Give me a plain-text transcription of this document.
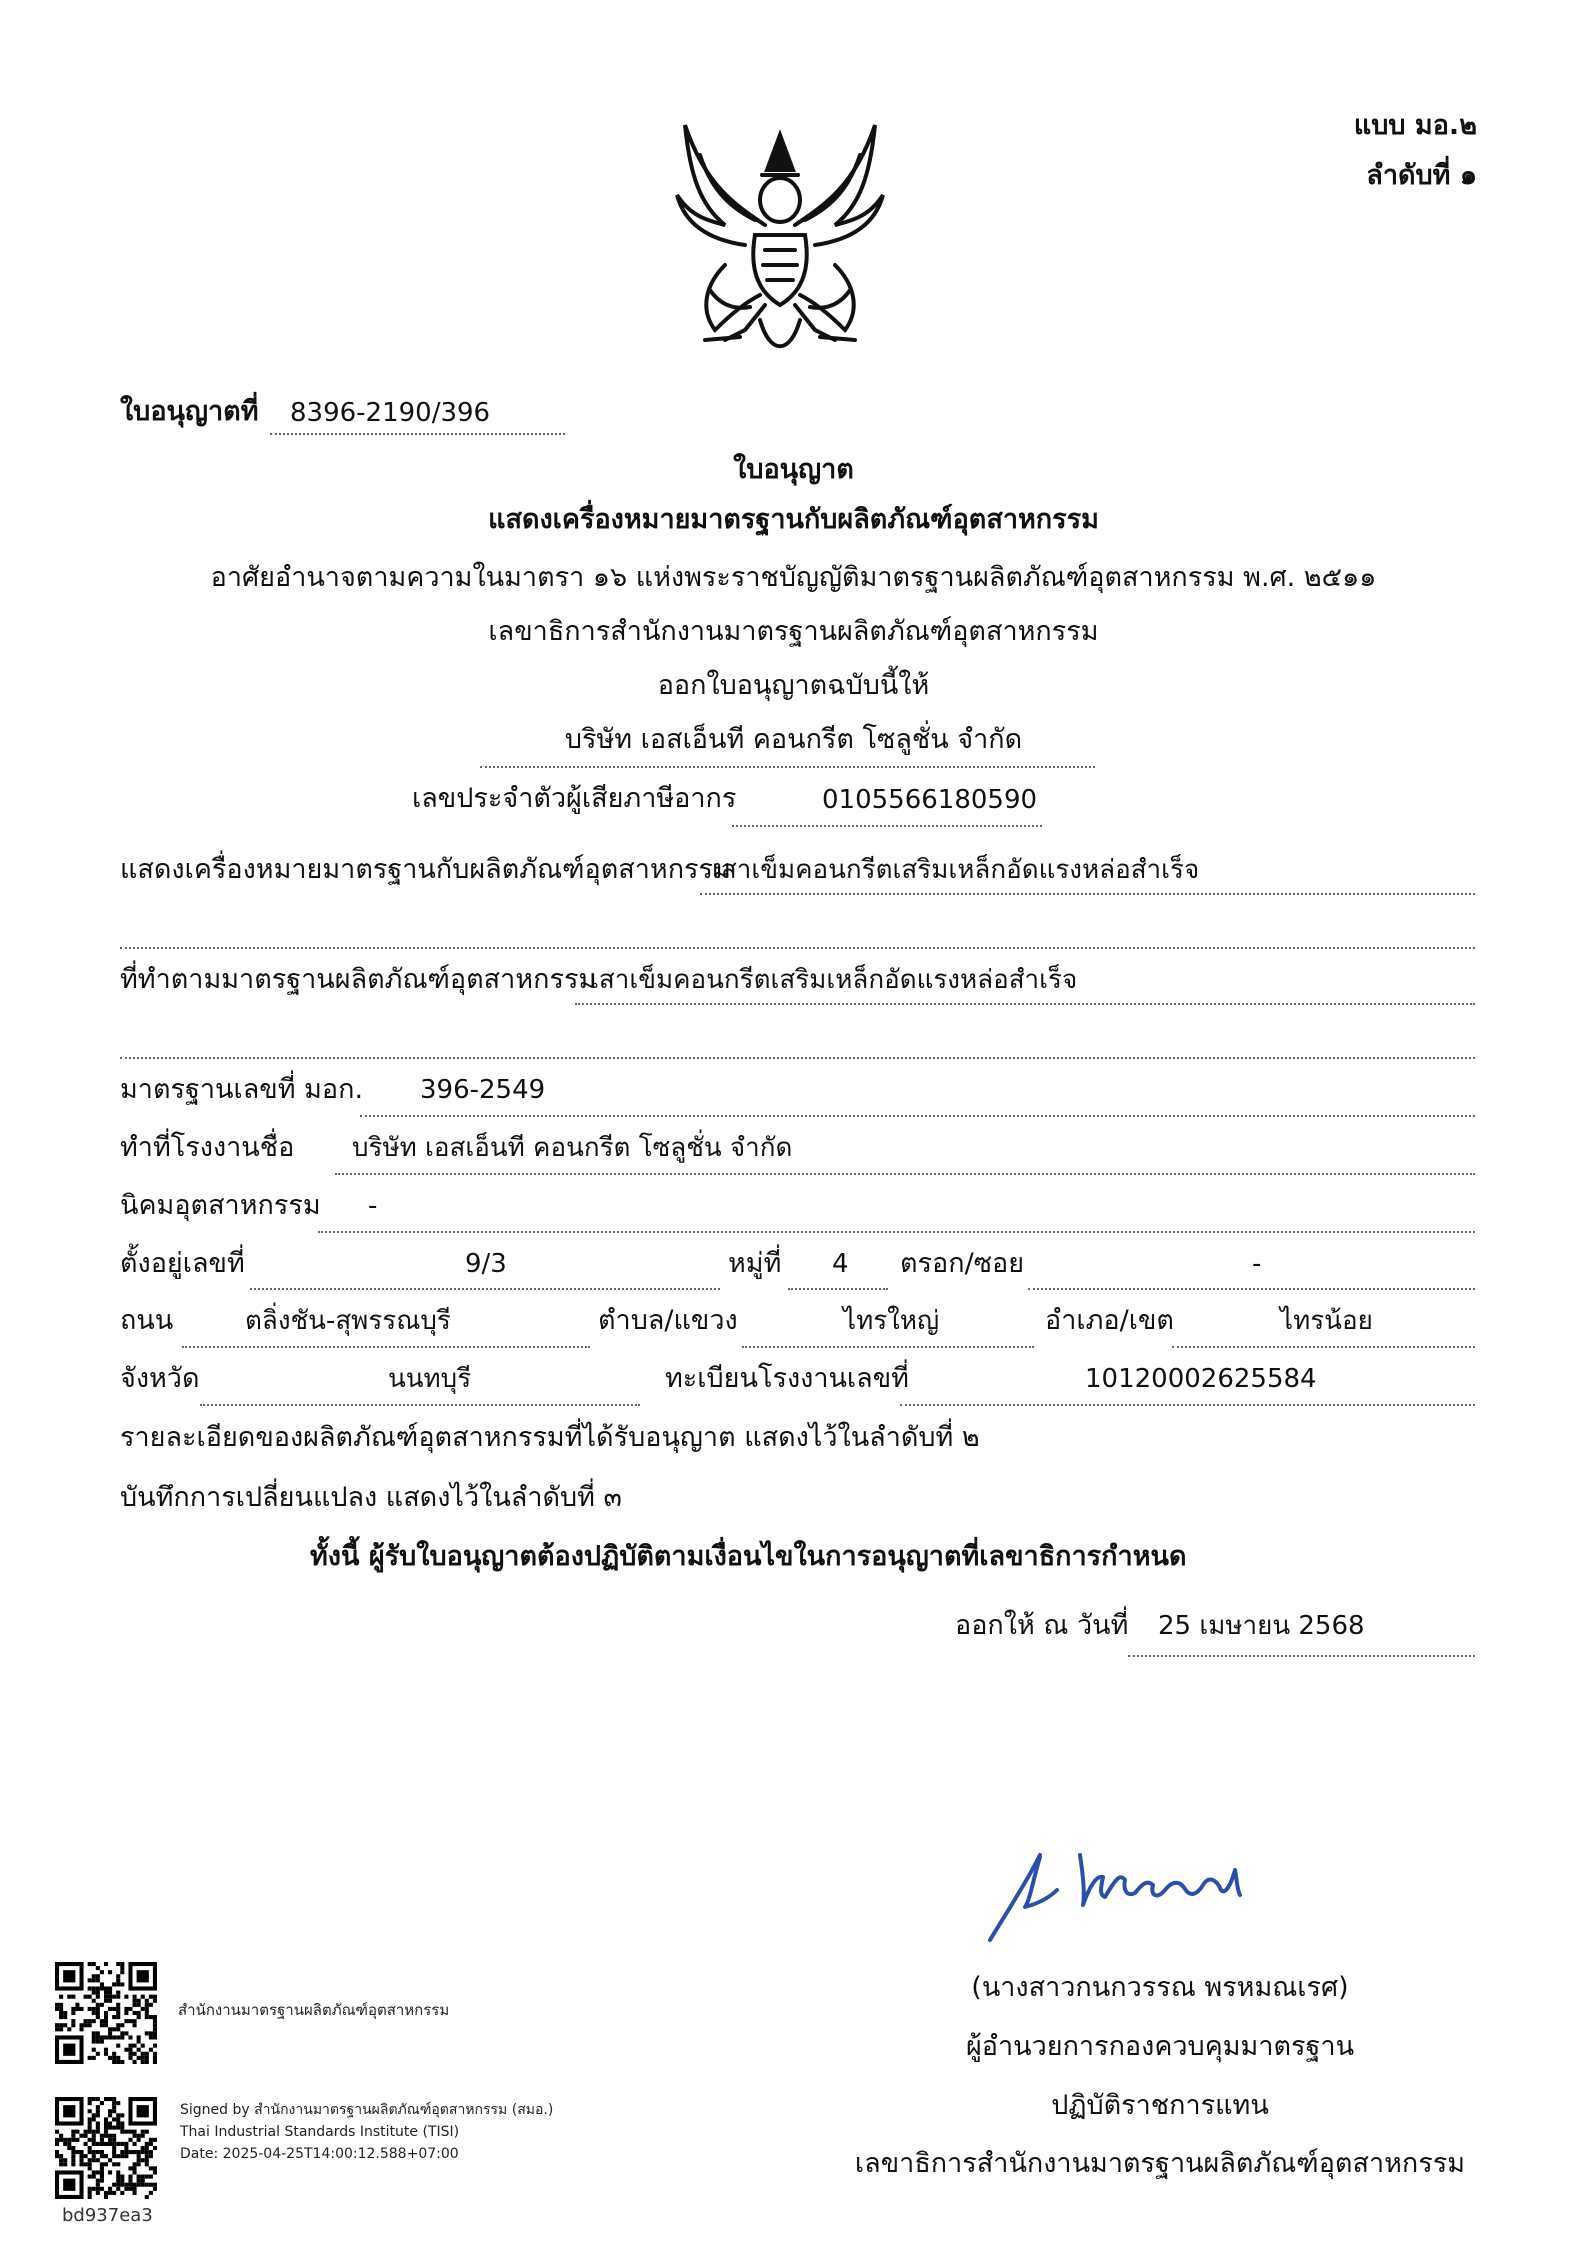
แบบ มอ.๒
ลำดับที่ ๑
ใบอนุญาตที่ 8396-2190/396
ใบอนุญาต
แสดงเครื่องหมายมาตรฐานกับผลิตภัณฑ์อุตสาหกรรม
อาศัยอำนาจตามความในมาตรา ๑๖ แห่งพระราชบัญญัติมาตรฐานผลิตภัณฑ์อุตสาหกรรม พ.ศ. ๒๕๑๑
เลขาธิการสำนักงานมาตรฐานผลิตภัณฑ์อุตสาหกรรม
ออกใบอนุญาตฉบับนี้ให้
บริษัท เอสเอ็นที คอนกรีต โซลูชั่น จำกัด
เลขประจำตัวผู้เสียภาษีอากร	0105566180590
แสดงเครื่องหมายมาตรฐานกับผลิตภัณฑ์อุตสาหกรรม
เสาเข็มคอนกรีตเสริมเหล็กอัดแรงหล่อสำเร็จ
ที่ทำตามมาตรฐานผลิตภัณฑ์อุตสาหกรรม
เสาเข็มคอนกรีตเสริมเหล็กอัดแรงหล่อสำเร็จ
มาตรฐานเลขที่ มอก. 396-2549
ทำที่โรงงานชื่อ บริษัท เอสเอ็นที คอนกรีต โซลูชั่น จำกัด
นิคมอุตสาหกรรม -
ตั้งอยู่เลขที่	9/3	หมู่ที่ 4 ตรอก/ซอย	-
ถนน	ตลิ่งชัน-สุพรรณบุรี	ตำบล/แขวง	ไทรใหญ่	อำเภอ/เขต	ไทรน้อย
จังหวัด	นนทบุรี	ทะเบียนโรงงานเลขที่	10120002625584
รายละเอียดของผลิตภัณฑ์อุตสาหกรรมที่ได้รับอนุญาต แสดงไว้ในลำดับที่ ๒
บันทึกการเปลี่ยนแปลง แสดงไว้ในลำดับที่ ๓
ทั้งนี้ ผู้รับใบอนุญาตต้องปฏิบัติตามเงื่อนไขในการอนุญาตที่เลขาธิการกำหนด
ออกให้ ณ วันที่ 25 เมษายน 2568
(นางสาวกนกวรรณ พรหมณเรศ)
ผู้อำนวยการกองควบคุมมาตรฐาน
ปฏิบัติราชการแทน
เลขาธิการสำนักงานมาตรฐานผลิตภัณฑ์อุตสาหกรรม
สำนักงานมาตรฐานผลิตภัณฑ์อุตสาหกรรม
Signed by สำนักงานมาตรฐานผลิตภัณฑ์อุตสาหกรรม (สมอ.)
Thai Industrial Standards Institute (TISI)
Date: 2025-04-25T14:00:12.588+07:00
bd937ea3
